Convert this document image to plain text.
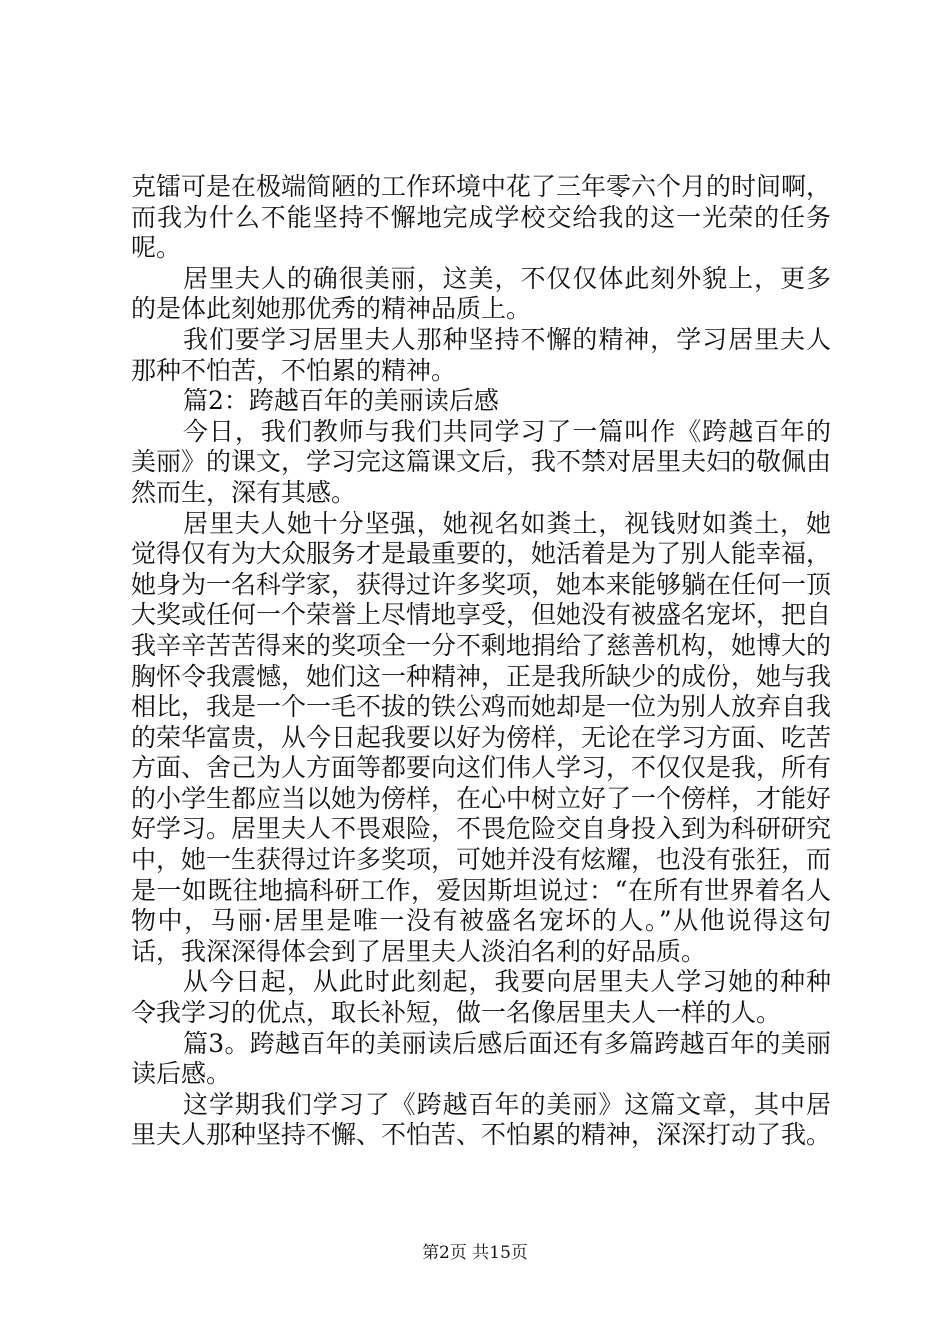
克镭可是在极端简陋的工作环境中花了三年零六个月的时间啊，而我为什么不能坚持不懈地完成学校交给我的这一光荣的任务呢。

居里夫人的确很美丽，这美，不仅仅体此刻外貌上，更多的是体此刻她那优秀的精神品质上。

我们要学习居里夫人那种坚持不懈的精神，学习居里夫人那种不怕苦，不怕累的精神。

篇2：跨越百年的美丽读后感

今日，我们教师与我们共同学习了一篇叫作《跨越百年的美丽》的课文，学习完这篇课文后，我不禁对居里夫妇的敬佩由然而生，深有其感。

居里夫人她十分坚强，她视名如粪土，视钱财如粪土，她觉得仅有为大众服务才是最重要的，她活着是为了别人能幸福，她身为一名科学家，获得过许多奖项，她本来能够躺在任何一顶大奖或任何一个荣誉上尽情地享受，但她没有被盛名宠坏，把自我辛辛苦苦得来的奖项全一分不剩地捐给了慈善机构，她博大的胸怀令我震憾，她们这一种精神，正是我所缺少的成份，她与我相比，我是一个一毛不拔的铁公鸡而她却是一位为别人放弃自我的荣华富贵，从今日起我要以好为傍样，无论在学习方面、吃苦方面、舍己为人方面等都要向这们伟人学习，不仅仅是我，所有的小学生都应当以她为傍样，在心中树立好了一个傍样，才能好好学习。居里夫人不畏艰险，不畏危险交自身投入到为科研研究中，她一生获得过许多奖项，可她并没有炫耀，也没有张狂，而是一如既往地搞科研工作，爱因斯坦说过：“在所有世界着名人物中，马丽·居里是唯一没有被盛名宠坏的人。”从他说得这句话，我深深得体会到了居里夫人淡泊名利的好品质。

从今日起，从此时此刻起，我要向居里夫人学习她的种种令我学习的优点，取长补短，做一名像居里夫人一样的人。

篇3。跨越百年的美丽读后感后面还有多篇跨越百年的美丽读后感。

这学期我们学习了《跨越百年的美丽》这篇文章，其中居里夫人那种坚持不懈、不怕苦、不怕累的精神，深深打动了我。

第2页 共15页
